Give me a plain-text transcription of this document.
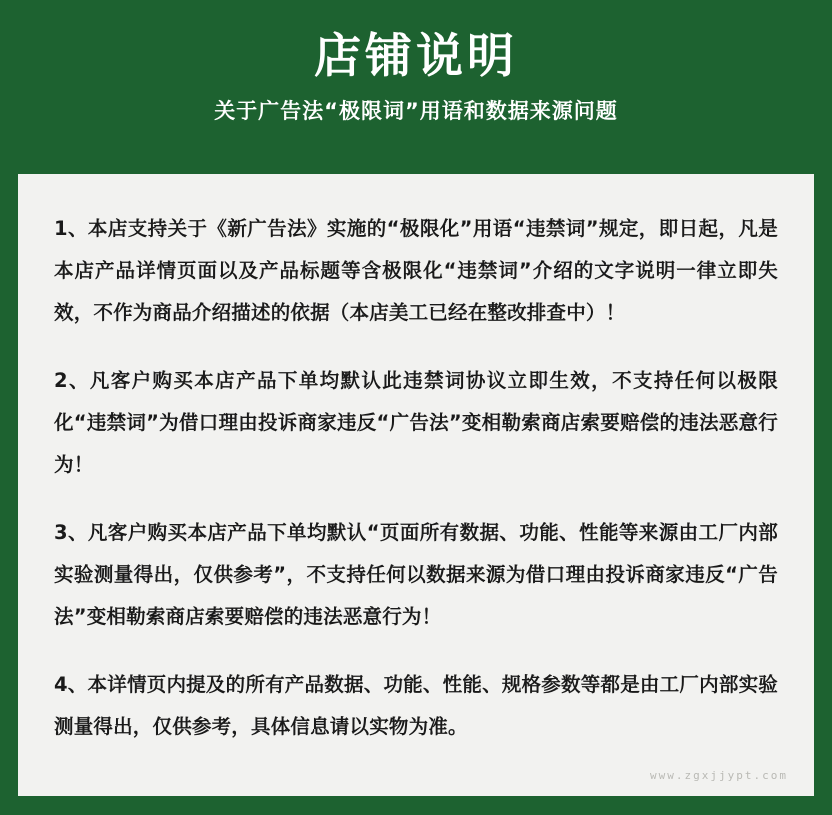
店铺说明

关于广告法“极限词”用语和数据来源问题

1、本店支持关于《新广告法》实施的“极限化”用语“违禁词”规定，即日起，凡是本店产品详情页面以及产品标题等含极限化“违禁词”介绍的文字说明一律立即失效，不作为商品介绍描述的依据（本店美工已经在整改排查中）！

2、凡客户购买本店产品下单均默认此违禁词协议立即生效，不支持任何以极限化“违禁词”为借口理由投诉商家违反“广告法”变相勒索商店索要赔偿的违法恶意行为！

3、凡客户购买本店产品下单均默认“页面所有数据、功能、性能等来源由工厂内部实验测量得出，仅供参考”，不支持任何以数据来源为借口理由投诉商家违反“广告法”变相勒索商店索要赔偿的违法恶意行为！

4、本详情页内提及的所有产品数据、功能、性能、规格参数等都是由工厂内部实验测量得出，仅供参考，具体信息请以实物为准。

www.zgxjjypt.com
